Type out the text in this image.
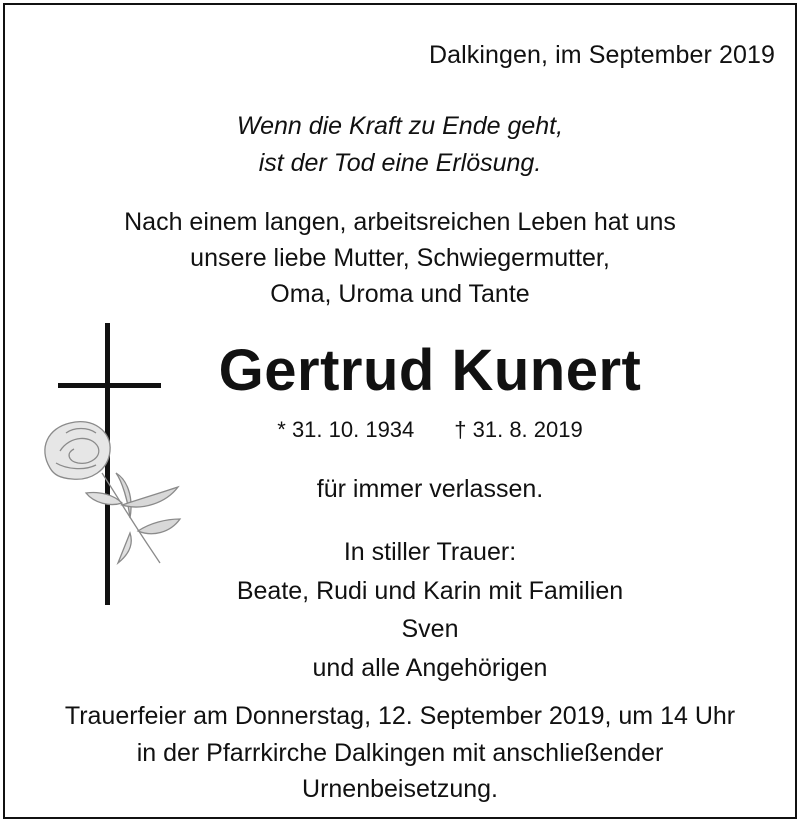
Dalkingen, im September 2019
Wenn die Kraft zu Ende geht,
ist der Tod eine Erlösung.
Nach einem langen, arbeitsreichen Leben hat uns
unsere liebe Mutter, Schwiegermutter,
Oma, Uroma und Tante
Gertrud Kunert
* 31. 10. 1934 † 31. 8. 2019
für immer verlassen.
In stiller Trauer:
Beate, Rudi und Karin mit Familien
Sven
und alle Angehörigen
Trauerfeier am Donnerstag, 12. September 2019, um 14 Uhr
in der Pfarrkirche Dalkingen mit anschließender
Urnenbeisetzung.
